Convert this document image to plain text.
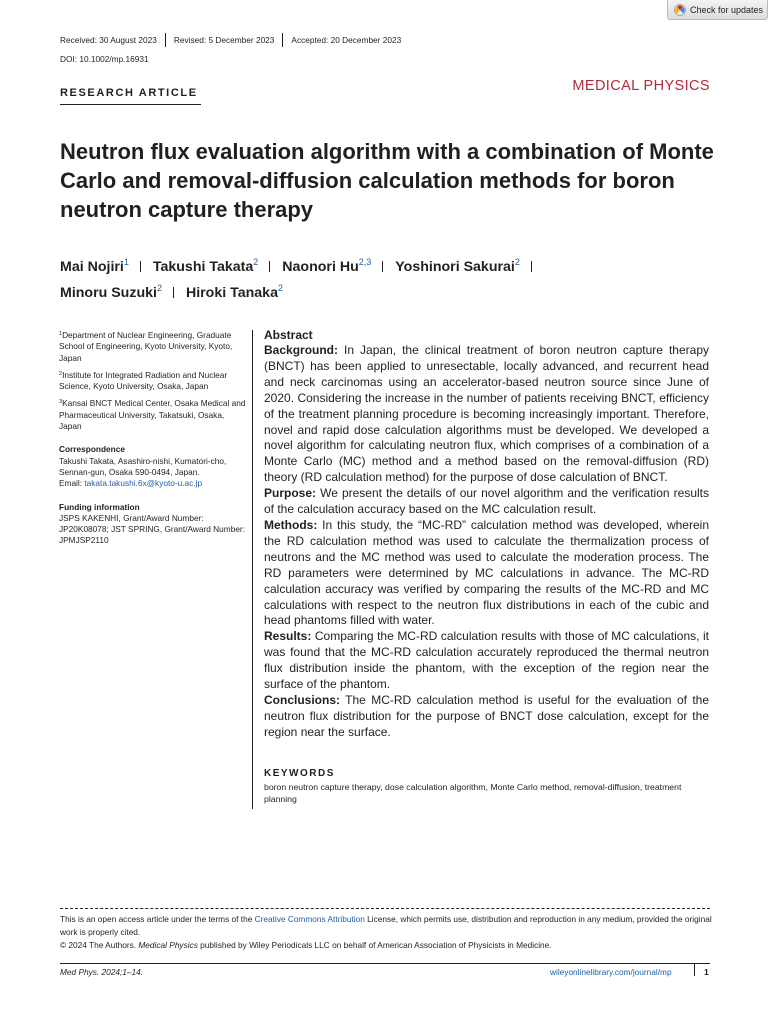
Check for updates
Received: 30 August 2023 Revised: 5 December 2023 Accepted: 20 December 2023
DOI: 10.1002/mp.16931
RESEARCH ARTICLE	MEDICAL PHYSICS
Neutron flux evaluation algorithm with a combination of Monte Carlo and removal-diffusion calculation methods for boron neutron capture therapy
Mai Nojiri$^1$ Takushi Takata$^2$ Naonori Hu$^{2,3}$ Yoshinori Sakurai$^2$
Minoru Suzuki$^2$ Hiroki Tanaka$^2$

$^1$Department of Nuclear Engineering, Graduate School of Engineering, Kyoto University, Kyoto, Japan

$^2$Institute for Integrated Radiation and Nuclear Science, Kyoto University, Osaka, Japan

$^3$Kansai BNCT Medical Center, Osaka Medical and Pharmaceutical University, Takatsuki, Osaka, Japan

Correspondence

Takushi Takata, Asashiro-nishi, Kumatori-cho, Sennan-gun, Osaka 590-0494, Japan.

Email: takata.takushi.6x@kyoto-u.ac.jp

Funding information

JSPS KAKENHI, Grant/Award Number: JP20K08078; JST SPRING, Grant/Award Number: JPMJSP2110

Abstract

Background: In Japan, the clinical treatment of boron neutron capture therapy (BNCT) has been applied to unresectable, locally advanced, and recurrent head and neck carcinomas using an accelerator-based neutron source since June of 2020. Considering the increase in the number of patients receiving BNCT, efficiency of the treatment planning procedure is becoming increasingly important. Therefore, novel and rapid dose calculation algorithms must be developed. We developed a novel algorithm for calculating neutron flux, which comprises of a combination of a Monte Carlo (MC) method and a method based on the removal-diffusion (RD) theory (RD calculation method) for the purpose of dose calculation of BNCT.

Purpose: We present the details of our novel algorithm and the verification results of the calculation accuracy based on the MC calculation result.

Methods: In this study, the “MC-RD” calculation method was developed, wherein the RD calculation method was used to calculate the thermalization process of neutrons and the MC method was used to calculate the moderation process. The RD parameters were determined by MC calculations in advance. The MC-RD calculation accuracy was verified by comparing the results of the MC-RD and MC calculations with respect to the neutron flux distributions in each of the cubic and head phantoms filled with water.

Results: Comparing the MC-RD calculation results with those of MC calculations, it was found that the MC-RD calculation accurately reproduced the thermal neutron flux distribution inside the phantom, with the exception of the region near the surface of the phantom.

Conclusions: The MC-RD calculation method is useful for the evaluation of the neutron flux distribution for the purpose of BNCT dose calculation, except for the region near the surface.

KEYWORDS
boron neutron capture therapy, dose calculation algorithm, Monte Carlo method, removal-diffusion, treatment planning

This is an open access article under the terms of the Creative Commons Attribution License, which permits use, distribution and reproduction in any medium, provided the original work is properly cited.

© 2024 The Authors. Medical Physics published by Wiley Periodicals LLC on behalf of American Association of Physicists in Medicine.

Med Phys. 2024;1–14.	wileyonlinelibrary.com/journal/mp	1
